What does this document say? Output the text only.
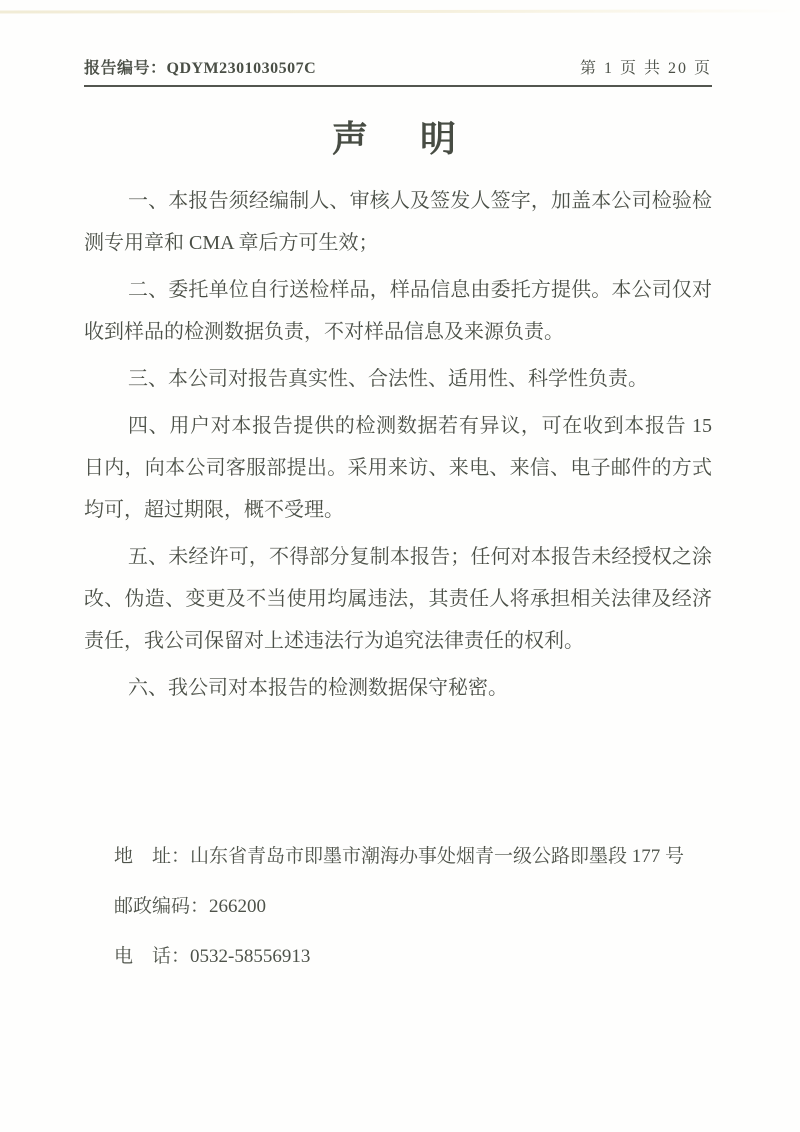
报告编号：QDYM2301030507C	第 1 页 共 20 页
声　明

一、本报告须经编制人、审核人及签发人签字，加盖本公司检验检测专用章和 CMA 章后方可生效；

二、委托单位自行送检样品，样品信息由委托方提供。本公司仅对收到样品的检测数据负责，不对样品信息及来源负责。

三、本公司对报告真实性、合法性、适用性、科学性负责。

四、用户对本报告提供的检测数据若有异议，可在收到本报告 15 日内，向本公司客服部提出。采用来访、来电、来信、电子邮件的方式均可，超过期限，概不受理。

五、未经许可，不得部分复制本报告；任何对本报告未经授权之涂改、伪造、变更及不当使用均属违法，其责任人将承担相关法律及经济责任，我公司保留对上述违法行为追究法律责任的权利。

六、我公司对本报告的检测数据保守秘密。

地　址：山东省青岛市即墨市潮海办事处烟青一级公路即墨段 177 号
邮政编码：266200
电　话：0532-58556913
